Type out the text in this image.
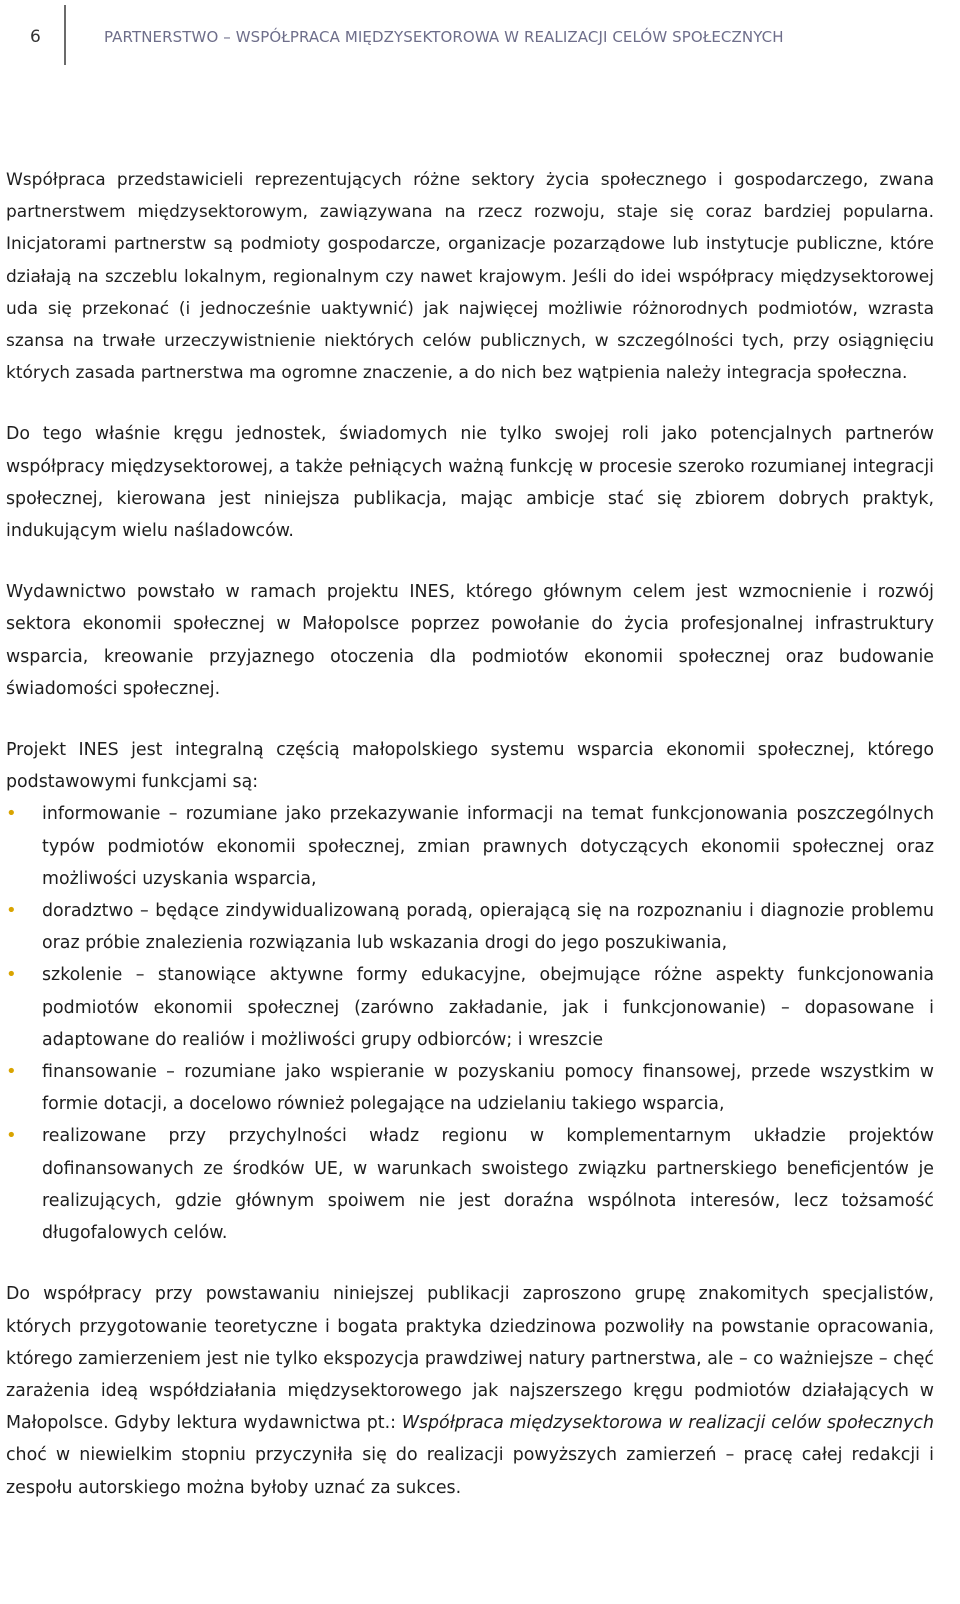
6	PARTNERSTWO – WSPÓŁPRACA MIĘDZYSEKTOROWA W REALIZACJI CELÓW SPOŁECZNYCH

Współpraca przedstawicieli reprezentujących różne sektory życia społecznego i gospodarczego, zwana partnerstwem międzysektorowym, zawiązywana na rzecz rozwoju, staje się coraz bardziej popularna. Inicjatorami partnerstw są podmioty gospodarcze, organizacje pozarządowe lub instytucje publiczne, które działają na szczeblu lokalnym, regionalnym czy nawet krajowym. Jeśli do idei współpracy międzysektorowej uda się przekonać (i jednocześnie uaktywnić) jak najwięcej możliwie różnorodnych podmiotów, wzrasta szansa na trwałe urzeczywistnienie niektórych celów publicznych, w szczególności tych, przy osiągnięciu których zasada partnerstwa ma ogromne znaczenie, a do nich bez wątpienia należy integracja społeczna.

Do tego właśnie kręgu jednostek, świadomych nie tylko swojej roli jako potencjalnych partnerów współpracy międzysektorowej, a także pełniących ważną funkcję w procesie szeroko rozumianej integracji społecznej, kierowana jest niniejsza publikacja, mając ambicje stać się zbiorem dobrych praktyk, indukującym wielu naśladowców.

Wydawnictwo powstało w ramach projektu INES, którego głównym celem jest wzmocnienie i rozwój sektora ekonomii społecznej w Małopolsce poprzez powołanie do życia profesjonalnej infrastruktury wsparcia, kreowanie przyjaznego otoczenia dla podmiotów ekonomii społecznej oraz budowanie świadomości społecznej.

Projekt INES jest integralną częścią małopolskiego systemu wsparcia ekonomii społecznej, którego podstawowymi funkcjami są:

• informowanie – rozumiane jako przekazywanie informacji na temat funkcjonowania poszczególnych typów podmiotów ekonomii społecznej, zmian prawnych dotyczących ekonomii społecznej oraz możliwości uzyskania wsparcia,
• doradztwo – będące zindywidualizowaną poradą, opierającą się na rozpoznaniu i diagnozie problemu oraz próbie znalezienia rozwiązania lub wskazania drogi do jego poszukiwania,
• szkolenie – stanowiące aktywne formy edukacyjne, obejmujące różne aspekty funkcjonowania podmiotów ekonomii społecznej (zarówno zakładanie, jak i funkcjonowanie) – dopasowane i adaptowane do realiów i możliwości grupy odbiorców; i wreszcie
• finansowanie – rozumiane jako wspieranie w pozyskaniu pomocy finansowej, przede wszystkim w formie dotacji, a docelowo również polegające na udzielaniu takiego wsparcia,
• realizowane przy przychylności władz regionu w komplementarnym układzie projektów dofinansowanych ze środków UE, w warunkach swoistego związku partnerskiego beneficjentów je realizujących, gdzie głównym spoiwem nie jest doraźna wspólnota interesów, lecz tożsamość długofalowych celów.

Do współpracy przy powstawaniu niniejszej publikacji zaproszono grupę znakomitych specjalistów, których przygotowanie teoretyczne i bogata praktyka dziedzinowa pozwoliły na powstanie opracowania, którego zamierzeniem jest nie tylko ekspozycja prawdziwej natury partnerstwa, ale – co ważniejsze – chęć zarażenia ideą współdziałania międzysektorowego jak najszerszego kręgu podmiotów działających w Małopolsce. Gdyby lektura wydawnictwa pt.: Współpraca międzysektorowa w realizacji celów społecznych choć w niewielkim stopniu przyczyniła się do realizacji powyższych zamierzeń – pracę całej redakcji i zespołu autorskiego można byłoby uznać za sukces.
